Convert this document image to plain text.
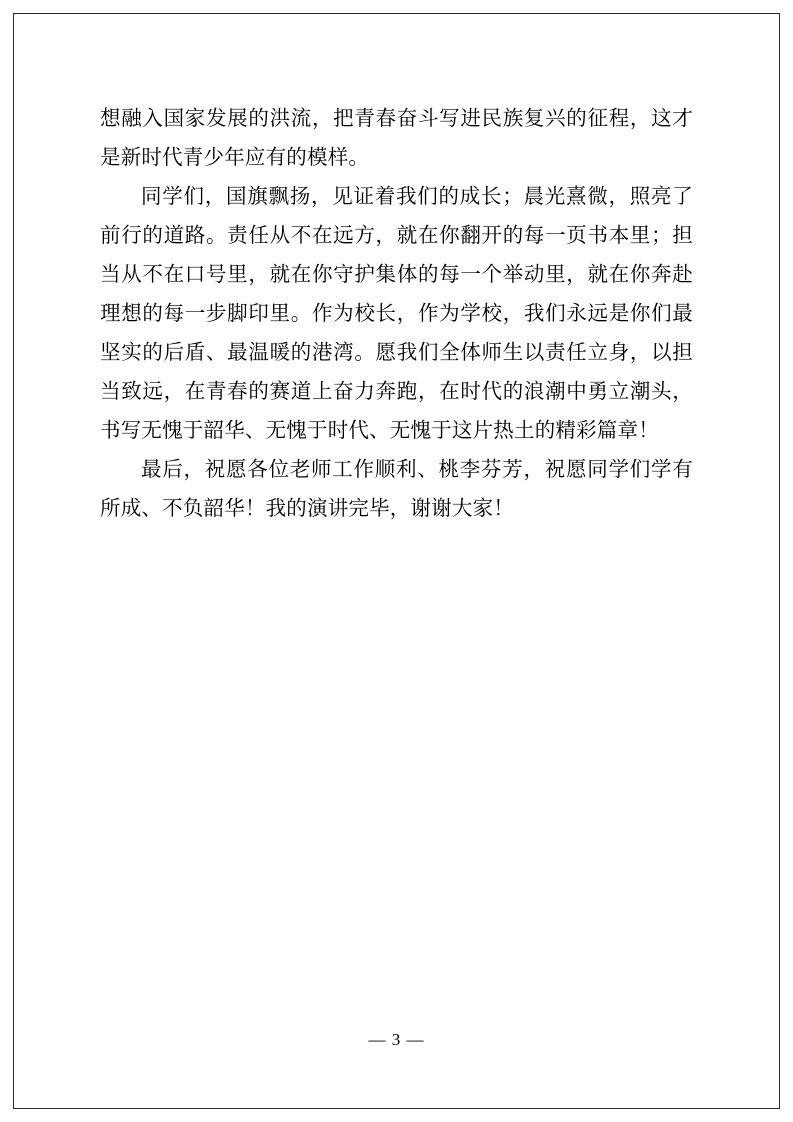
想融入国家发展的洪流，把青春奋斗写进民族复兴的征程，这才是新时代青少年应有的模样。

同学们，国旗飘扬，见证着我们的成长；晨光熹微，照亮了前行的道路。责任从不在远方，就在你翻开的每一页书本里；担当从不在口号里，就在你守护集体的每一个举动里，就在你奔赴理想的每一步脚印里。作为校长，作为学校，我们永远是你们最坚实的后盾、最温暖的港湾。愿我们全体师生以责任立身，以担当致远，在青春的赛道上奋力奔跑，在时代的浪潮中勇立潮头，书写无愧于韶华、无愧于时代、无愧于这片热土的精彩篇章！

最后，祝愿各位老师工作顺利、桃李芬芳，祝愿同学们学有所成、不负韶华！我的演讲完毕，谢谢大家！

— 3 —
